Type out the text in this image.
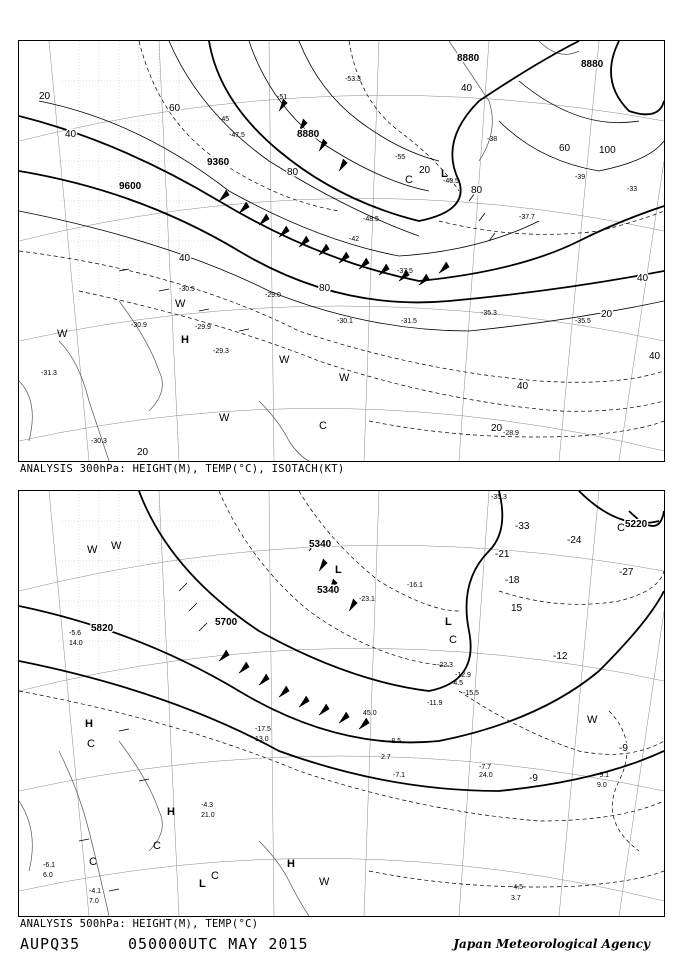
9360
9600
8880
8880
8880
20
40
60
80
100
40
20
20
40
40
20
40
80
60
80
20
40
-33
-35.3
-35.5
-37.7
-37.5
-30.1	-31.5
-29.9
-29.3
-28.9
-30.9
-30.3
-31.3
-45
-47.5
-51
-53.3
-55
-40.5
-42
-48.5
-39
-38
-29.0
-30.5
H
W
W
W
W
W
C
C	L
ANALYSIS 300hPa: HEIGHT(M), TEMP(°C), ISOTACH(KT)
5700
5820
5340
5340
5220
-21
-18
15
-12
-9
-9
-27
-33
-24
-4.5
3.7
-7.7
24.0	-9.1
9.0
-7.1
2.7
-15.5
-11.9
21.0
-4.3
-4.1
7.0
-6.1
6.0
-17.5
13.0	-8.5
45.0
-35.3
-22.3
-12.9
-4.5
-5.6
14.0
-23.1
-16.1
H
H
H
L
L
L
C
C
C
C
C
C
W
W
W
W
ANALYSIS 500hPa: HEIGHT(M), TEMP(°C)
AUPQ35	050000UTC MAY 2015	Japan Meteorological Agency
